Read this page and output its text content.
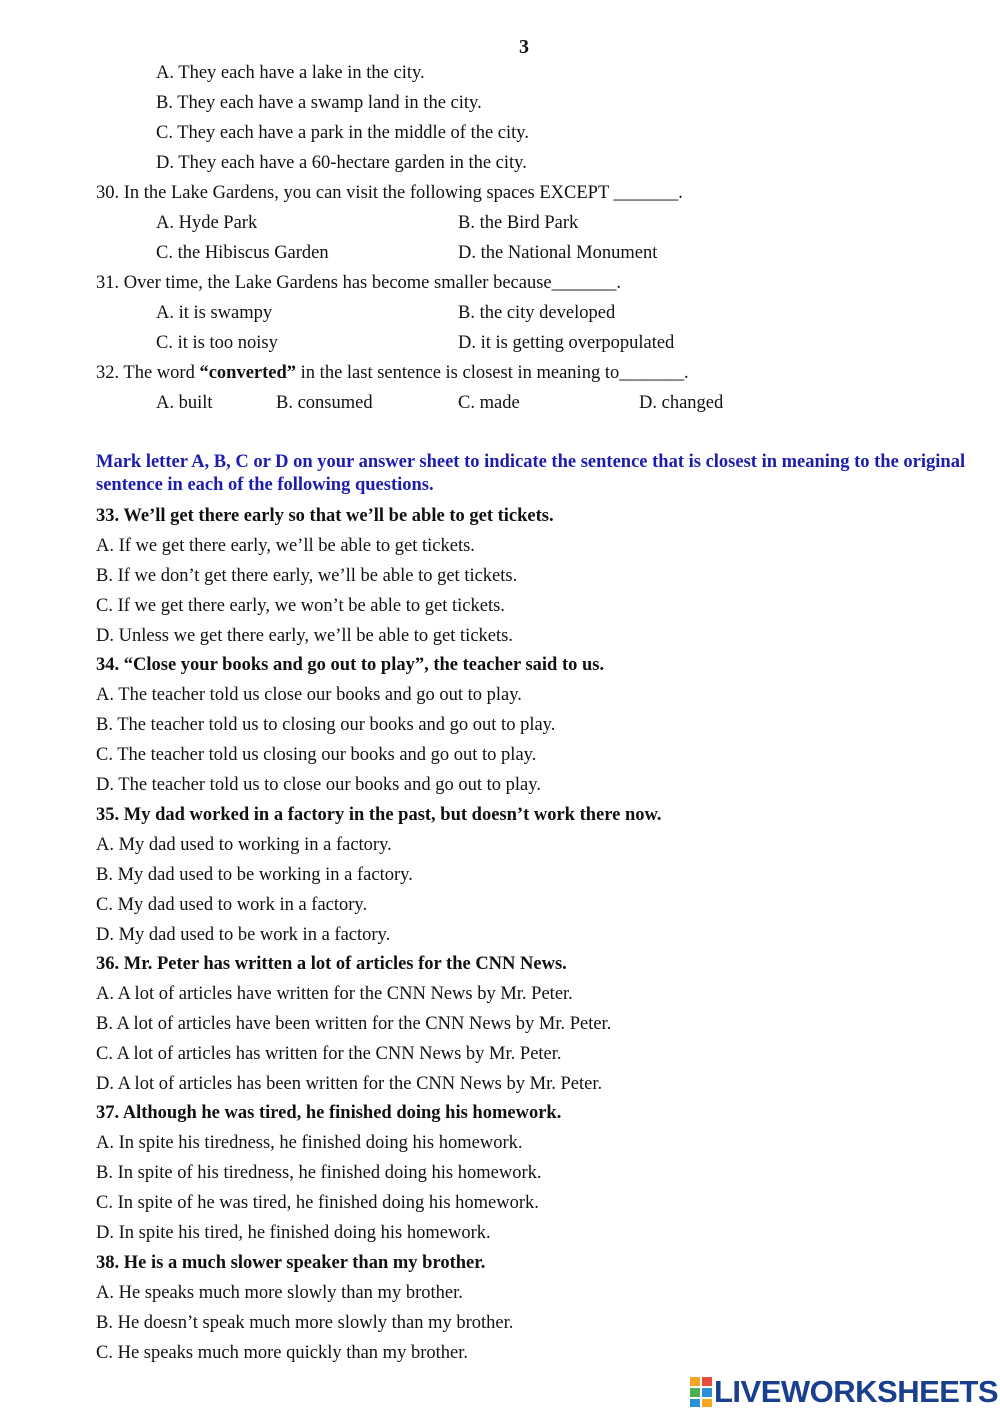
3
A. They each have a lake in the city.
B. They each have a swamp land in the city.
C. They each have a park in the middle of the city.
D. They each have a 60-hectare garden in the city.
30. In the Lake Gardens, you can visit the following spaces EXCEPT _______.
A. Hyde Park	B. the Bird Park
C. the Hibiscus Garden	D. the National Monument
31. Over time, the Lake Gardens has become smaller because_______.
A. it is swampy	B. the city developed
C. it is too noisy	D. it is getting overpopulated
32. The word “converted” in the last sentence is closest in meaning to_______.
A. built	B. consumed	C. made	D. changed
Mark letter A, B, C or D on your answer sheet to indicate the sentence that is closest in meaning to the original sentence in each of the following questions.
33. We’ll get there early so that we’ll be able to get tickets.
A. If we get there early, we’ll be able to get tickets.
B. If we don’t get there early, we’ll be able to get tickets.
C. If we get there early, we won’t be able to get tickets.
D. Unless we get there early, we’ll be able to get tickets.
34. “Close your books and go out to play”, the teacher said to us.
A. The teacher told us close our books and go out to play.
B. The teacher told us to closing our books and go out to play.
C. The teacher told us closing our books and go out to play.
D. The teacher told us to close our books and go out to play.
35. My dad worked in a factory in the past, but doesn’t work there now.
A. My dad used to working in a factory.
B. My dad used to be working in a factory.
C. My dad used to work in a factory.
D. My dad used to be work in a factory.
36. Mr. Peter has written a lot of articles for the CNN News.
A. A lot of articles have written for the CNN News by Mr. Peter.
B. A lot of articles have been written for the CNN News by Mr. Peter.
C. A lot of articles has written for the CNN News by Mr. Peter.
D. A lot of articles has been written for the CNN News by Mr. Peter.
37. Although he was tired, he finished doing his homework.
A. In spite his tiredness, he finished doing his homework.
B. In spite of his tiredness, he finished doing his homework.
C. In spite of he was tired, he finished doing his homework.
D. In spite his tired, he finished doing his homework.
38. He is a much slower speaker than my brother.
A. He speaks much more slowly than my brother.
B. He doesn’t speak much more slowly than my brother.
C. He speaks much more quickly than my brother.
LIVEWORKSHEETS
